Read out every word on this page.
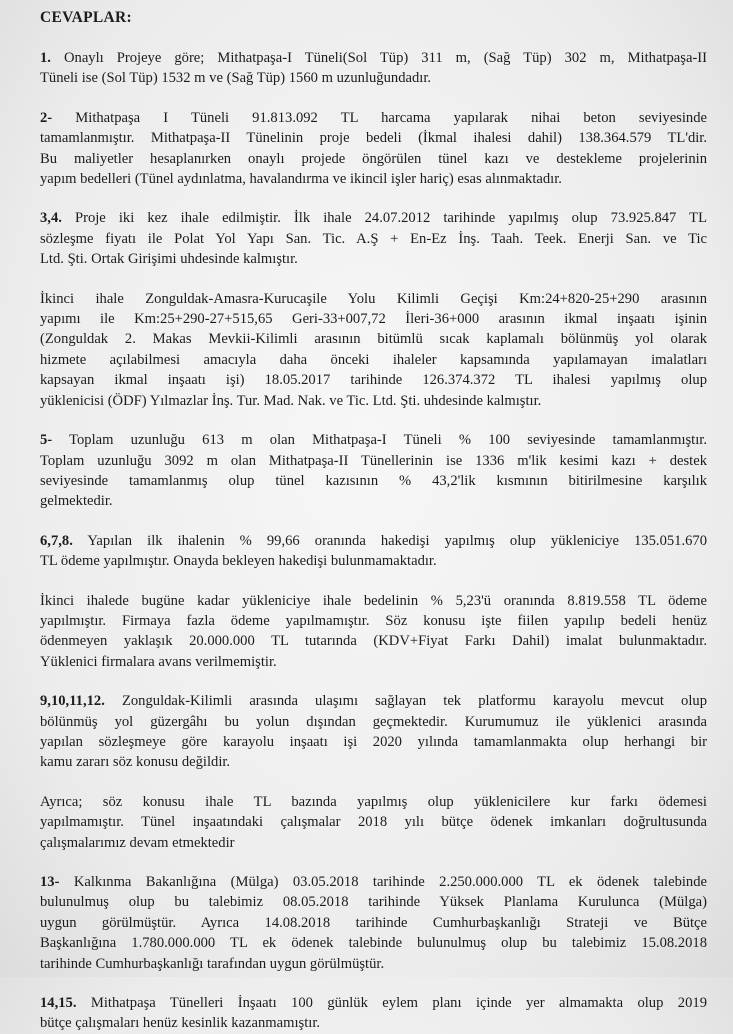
CEVAPLAR:
1. Onaylı Projeye göre; Mithatpaşa-I Tüneli(Sol Tüp) 311 m, (Sağ Tüp) 302 m, Mithatpaşa-II
Tüneli ise (Sol Tüp) 1532 m ve (Sağ Tüp) 1560 m uzunluğundadır.
2- Mithatpaşa I Tüneli 91.813.092 TL harcama yapılarak nihai beton seviyesinde
tamamlanmıştır. Mithatpaşa-II Tünelinin proje bedeli (İkmal ihalesi dahil) 138.364.579 TL'dir.
Bu maliyetler hesaplanırken onaylı projede öngörülen tünel kazı ve destekleme projelerinin
yapım bedelleri (Tünel aydınlatma, havalandırma ve ikincil işler hariç) esas alınmaktadır.
3,4. Proje iki kez ihale edilmiştir. İlk ihale 24.07.2012 tarihinde yapılmış olup 73.925.847 TL
sözleşme fiyatı ile Polat Yol Yapı San. Tic. A.Ş + En-Ez İnş. Taah. Teek. Enerji San. ve Tic
Ltd. Şti. Ortak Girişimi uhdesinde kalmıştır.
İkinci ihale Zonguldak-Amasra-Kurucaşile Yolu Kilimli Geçişi Km:24+820-25+290 arasının
yapımı ile Km:25+290-27+515,65 Geri-33+007,72 İleri-36+000 arasının ikmal inşaatı işinin
(Zonguldak 2. Makas Mevkii-Kilimli arasının bitümlü sıcak kaplamalı bölünmüş yol olarak
hizmete açılabilmesi amacıyla daha önceki ihaleler kapsamında yapılamayan imalatları
kapsayan ikmal inşaatı işi) 18.05.2017 tarihinde 126.374.372 TL ihalesi yapılmış olup
yüklenicisi (ÖDF) Yılmazlar İnş. Tur. Mad. Nak. ve Tic. Ltd. Şti. uhdesinde kalmıştır.
5- Toplam uzunluğu 613 m olan Mithatpaşa-I Tüneli % 100 seviyesinde tamamlanmıştır.
Toplam uzunluğu 3092 m olan Mithatpaşa-II Tünellerinin ise 1336 m'lik kesimi kazı + destek
seviyesinde tamamlanmış olup tünel kazısının % 43,2'lik kısmının bitirilmesine karşılık
gelmektedir.
6,7,8. Yapılan ilk ihalenin % 99,66 oranında hakedişi yapılmış olup yükleniciye 135.051.670
TL ödeme yapılmıştır. Onayda bekleyen hakedişi bulunmamaktadır.
İkinci ihalede bugüne kadar yükleniciye ihale bedelinin % 5,23'ü oranında 8.819.558 TL ödeme
yapılmıştır. Firmaya fazla ödeme yapılmamıştır. Söz konusu işte fiilen yapılıp bedeli henüz
ödenmeyen yaklaşık 20.000.000 TL tutarında (KDV+Fiyat Farkı Dahil) imalat bulunmaktadır.
Yüklenici firmalara avans verilmemiştir.
9,10,11,12. Zonguldak-Kilimli arasında ulaşımı sağlayan tek platformu karayolu mevcut olup
bölünmüş yol güzergâhı bu yolun dışından geçmektedir. Kurumumuz ile yüklenici arasında
yapılan sözleşmeye göre karayolu inşaatı işi 2020 yılında tamamlanmakta olup herhangi bir
kamu zararı söz konusu değildir.
Ayrıca; söz konusu ihale TL bazında yapılmış olup yüklenicilere kur farkı ödemesi
yapılmamıştır. Tünel inşaatındaki çalışmalar 2018 yılı bütçe ödenek imkanları doğrultusunda
çalışmalarımız devam etmektedir
13- Kalkınma Bakanlığına (Mülga) 03.05.2018 tarihinde 2.250.000.000 TL ek ödenek talebinde
bulunulmuş olup bu talebimiz 08.05.2018 tarihinde Yüksek Planlama Kurulunca (Mülga)
uygun görülmüştür. Ayrıca 14.08.2018 tarihinde Cumhurbaşkanlığı Strateji ve Bütçe
Başkanlığına 1.780.000.000 TL ek ödenek talebinde bulunulmuş olup bu talebimiz 15.08.2018
tarihinde Cumhurbaşkanlığı tarafından uygun görülmüştür.
14,15. Mithatpaşa Tünelleri İnşaatı 100 günlük eylem planı içinde yer almamakta olup 2019
bütçe çalışmaları henüz kesinlik kazanmamıştır.
